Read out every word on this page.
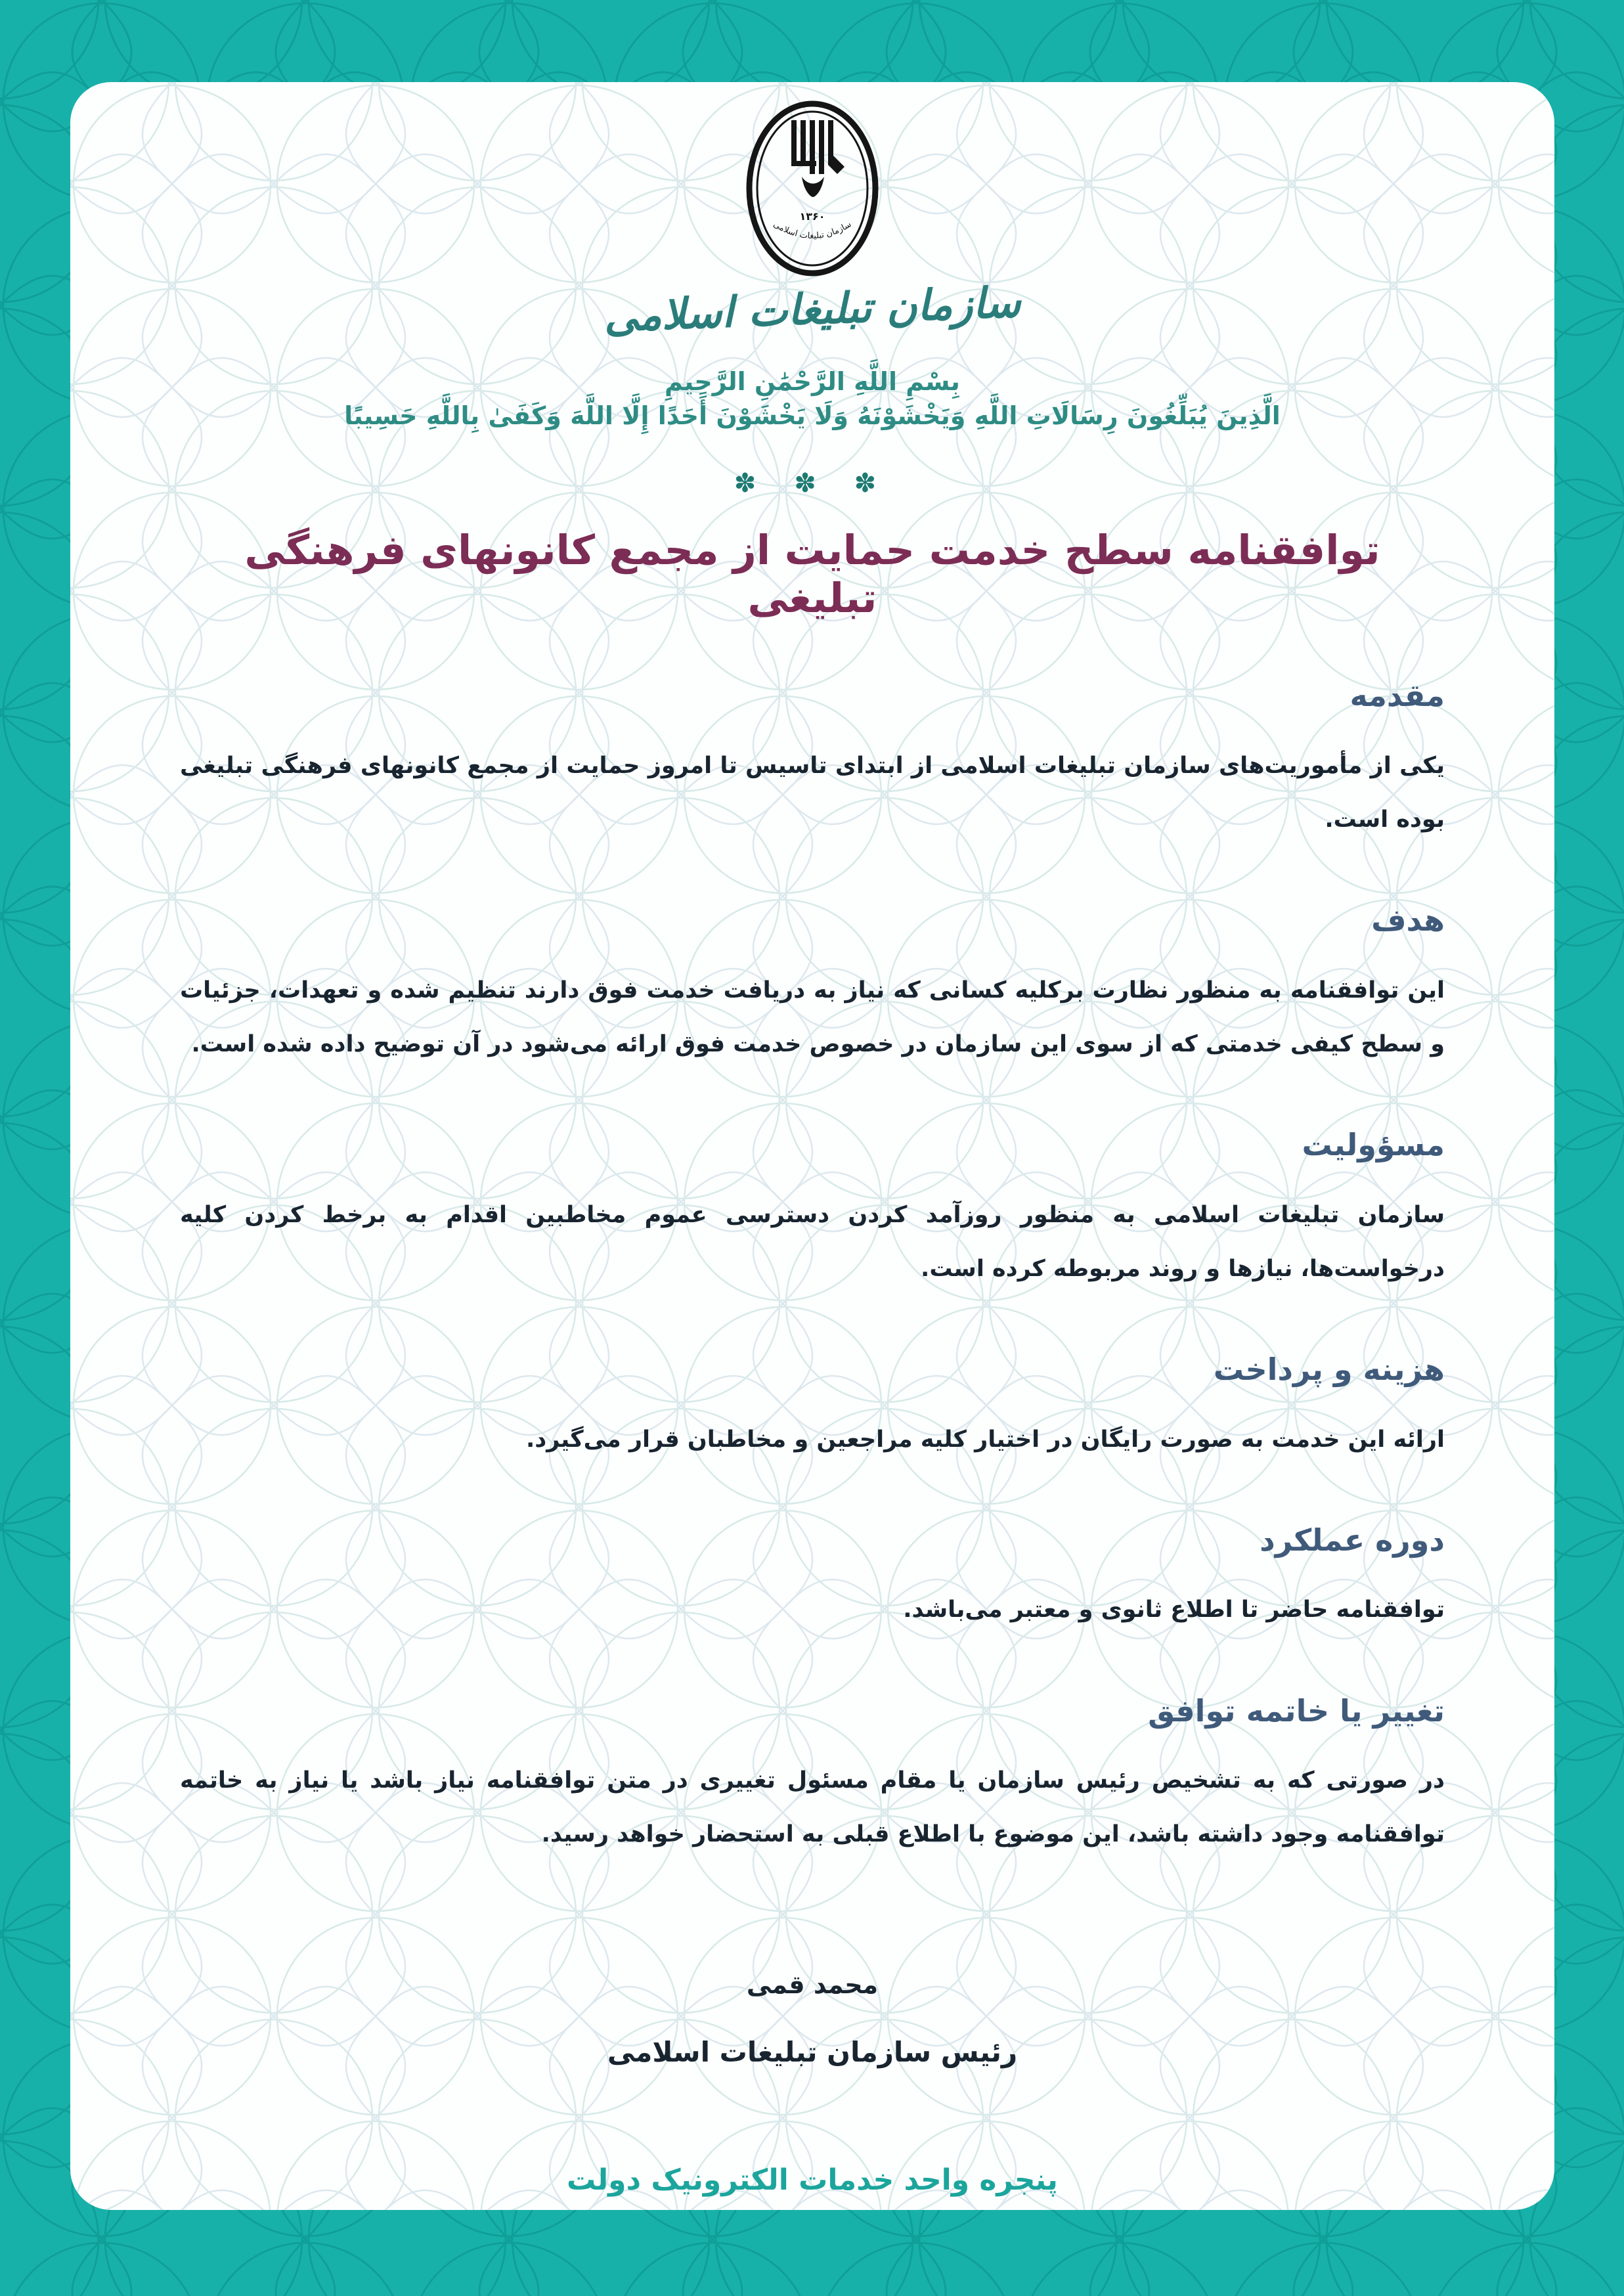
۱۳۶۰
سازمان تبلیغات اسلامی
سازمان تبلیغات اسلامی
بِسْمِ اللَّهِ الرَّحْمَٰنِ الرَّحِيمِ
الَّذِينَ يُبَلِّغُونَ رِسَالَاتِ اللَّهِ وَيَخْشَوْنَهُ وَلَا يَخْشَوْنَ أَحَدًا إِلَّا اللَّهَ وَكَفَىٰ بِاللَّهِ حَسِيبًا
✽ ✽ ✽
توافقنامه سطح خدمت حمایت از مجمع کانونهای فرهنگی تبلیغی
مقدمه
یکی از مأموریت‌های سازمان تبلیغات اسلامی از ابتدای تاسیس تا امروز حمایت از مجمع کانونهای فرهنگی تبلیغی بوده است.
هدف
این توافقنامه به منظور نظارت برکلیه کسانی که نیاز به دریافت خدمت فوق دارند تنظیم شده و تعهدات، جزئیات و سطح کیفی خدمتی که از سوی این سازمان در خصوص خدمت فوق ارائه می‌شود در آن توضیح داده شده است.
مسؤولیت
سازمان تبلیغات اسلامی به منظور روزآمد کردن دسترسی عموم مخاطبین اقدام به برخط کردن کلیه درخواست‌ها، نیازها و روند مربوطه کرده است.
هزینه و پرداخت
ارائه این خدمت به صورت رایگان در اختیار کلیه مراجعین و مخاطبان قرار می‌گیرد.
دوره عملکرد
توافقنامه حاضر تا اطلاع ثانوی و معتبر می‌باشد.
تغییر یا خاتمه توافق
در صورتی که به تشخیص رئیس سازمان یا مقام مسئول تغییری در متن توافقنامه نیاز باشد یا نیاز به خاتمه توافقنامه وجود داشته باشد، این موضوع با اطلاع قبلی به استحضار خواهد رسید.
محمد قمی
رئیس سازمان تبلیغات اسلامی
پنجره واحد خدمات الکترونیک دولت
